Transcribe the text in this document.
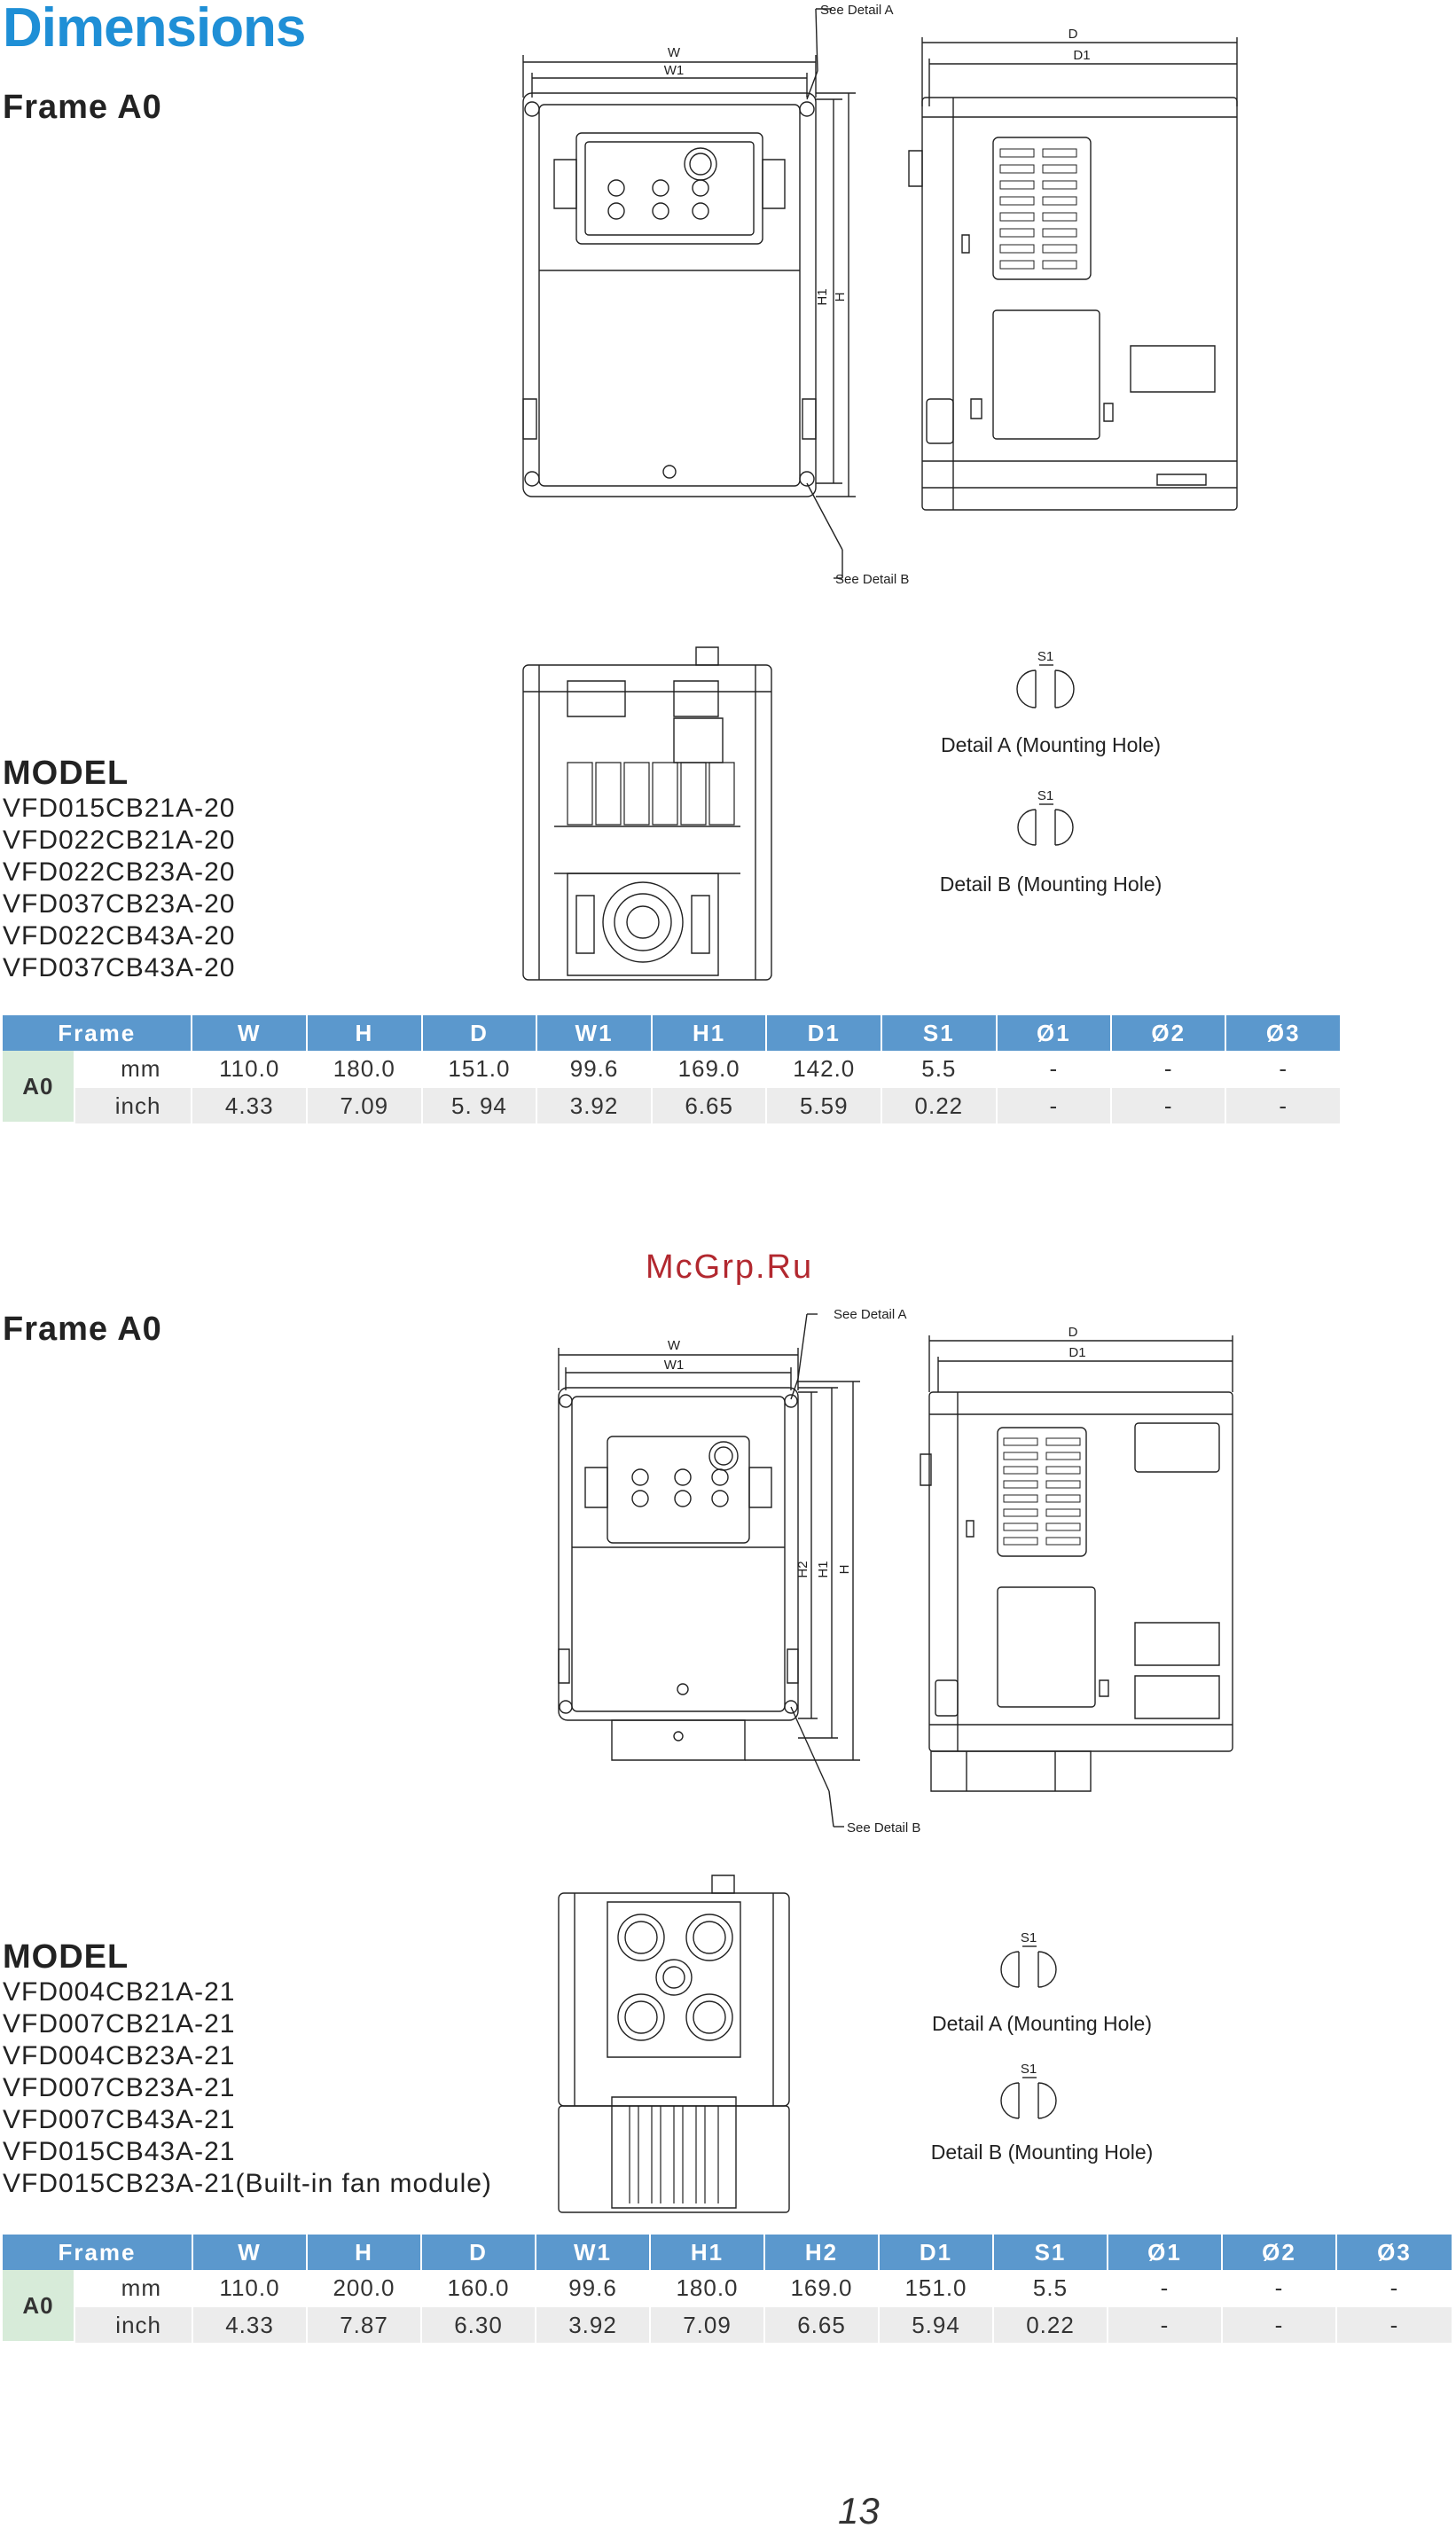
Dimensions
Frame A0
W
W1
H1 H
See Detail A
See Detail B
D
D1
S1
Detail A (Mounting Hole)
S1
Detail B (Mounting Hole)
MODEL
VFD015CB21A-20
VFD022CB21A-20
VFD022CB23A-20
VFD037CB23A-20
VFD022CB43A-20
VFD037CB43A-20
Frame		W	H	D	W1	H1	D1	S1	Ø1	Ø2	Ø3
A0	mm	110.0	180.0	151.0	99.6	169.0	142.0	5.5	-	-	-
	inch	4.33	7.09	5. 94	3.92	6.65	5.59	0.22	-	-	-
McGrp.Ru
Frame A0	W
W1
H2 H1 H
See Detail A
See Detail B
D
D1
S1
Detail A (Mounting Hole)
S1
Detail B (Mounting Hole)
MODEL
VFD004CB21A-21
VFD007CB21A-21
VFD004CB23A-21
VFD007CB23A-21
VFD007CB43A-21
VFD015CB43A-21
VFD015CB23A-21(Built-in fan module)
Frame		W	H	D	W1	H1	H2	D1	S1	Ø1	Ø2	Ø3
A0	mm	110.0	200.0	160.0	99.6	180.0	169.0	151.0	5.5	-	-	-
	inch	4.33	7.87	6.30	3.92	7.09	6.65	5.94	0.22	-	-	-
13
